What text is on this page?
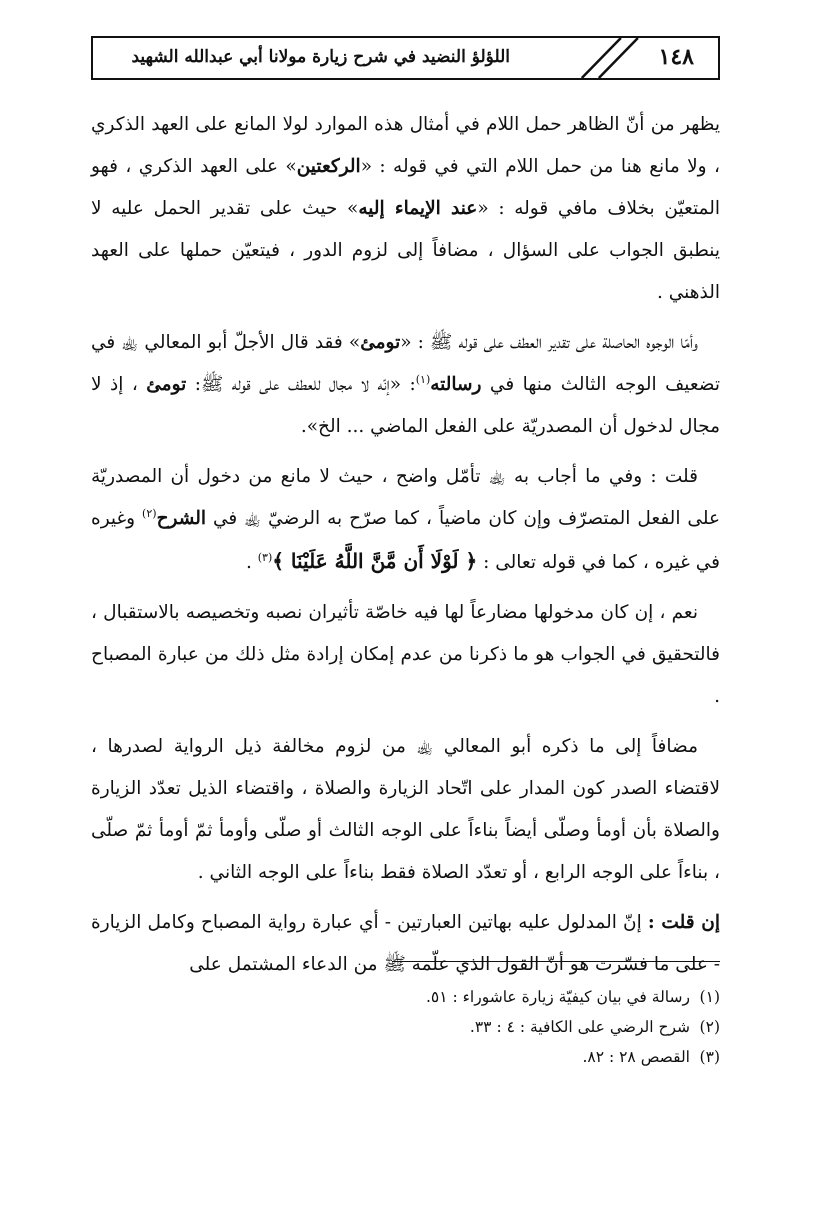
اللؤلؤ النضيد في شرح زيارة مولانا أبي عبدالله الشهيد	١٤٨

يظهر من أنّ الظاهر حمل اللام في أمثال هذه الموارد لولا المانع على العهد الذكري ، ولا مانع هنا من حمل اللام التي في قوله : «الركعتين» على العهد الذكري ، فهو المتعيّن بخلاف مافي قوله : «عند الإيماء إليه» حيث على تقدير الحمل عليه لا ينطبق الجواب على السؤال ، مضافاً إلى لزوم الدور ، فيتعيّن حملها على العهد الذهني .

وأمّا الوجوه الحاصلة على تقدير العطف على قوله ﷺ : «تومئ» فقد قال الأجلّ أبو المعالي ﵀ في تضعيف الوجه الثالث منها في رسالته$^{(١)}$: «إنّه لا مجال للعطف على قوله ﷺ: تومئ ، إذ لا مجال لدخول أن المصدريّة على الفعل الماضي ... الخ».

قلت : وفي ما أجاب به ﵀ تأمّل واضح ، حيث لا مانع من دخول أن المصدريّة على الفعل المتصرّف وإن كان ماضياً ، كما صرّح به الرضيّ ﵀ في الشرح$^{(٢)}$ وغيره في غيره ، كما في قوله تعالى : ﴿ لَوْلَا أَن مَّنَّ اللَّهُ عَلَيْنَا ﴾$^{(٣)}$ .

نعم ، إن كان مدخولها مضارعاً لها فيه خاصّة تأثيران نصبه وتخصيصه بالاستقبال ، فالتحقيق في الجواب هو ما ذكرنا من عدم إمكان إرادة مثل ذلك من عبارة المصباح .

مضافاً إلى ما ذكره أبو المعالي ﵀ من لزوم مخالفة ذيل الرواية لصدرها ، لاقتضاء الصدر كون المدار على اتّحاد الزيارة والصلاة ، واقتضاء الذيل تعدّد الزيارة والصلاة بأن أومأ وصلّى أيضاً بناءاً على الوجه الثالث أو صلّى وأومأ ثمّ أومأ ثمّ صلّى ، بناءاً على الوجه الرابع ، أو تعدّد الصلاة فقط بناءاً على الوجه الثاني .

إن قلت : إنّ المدلول عليه بهاتين العبارتين - أي عبارة رواية المصباح وكامل الزيارة - على ما فسّرت هو أنّ القول الذي علّمه ﷺ من الدعاء المشتمل على

(١)رسالة في بيان كيفيّة زيارة عاشوراء : ٥١.
(٢)شرح الرضي على الكافية : ٤ : ٣٣.
(٣)القصص ٢٨ : ٨٢.
